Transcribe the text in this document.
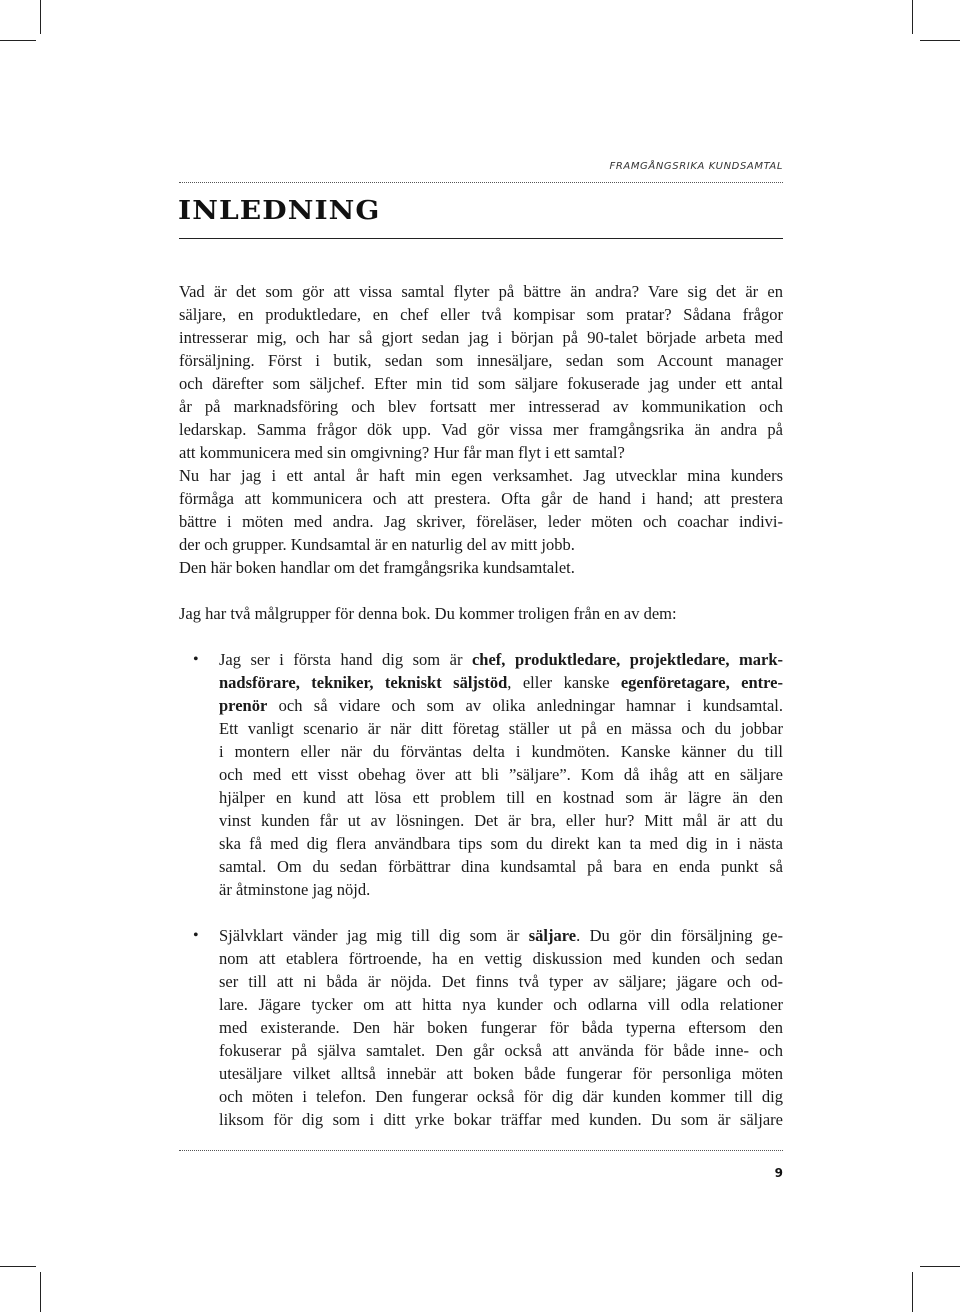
FRAMGÅNGSRIKA KUNDSAMTAL
INLEDNING
Vad är det som gör att vissa samtal flyter på bättre än andra? Vare sig det är en
säljare, en produktledare, en chef eller två kompisar som pratar? Sådana frågor
intresserar mig, och har så gjort sedan jag i början på 90-talet började arbeta med
försäljning. Först i butik, sedan som innesäljare, sedan som Account manager
och därefter som säljchef. Efter min tid som säljare fokuserade jag under ett antal
år på marknadsföring och blev fortsatt mer intresserad av kommunikation och
ledarskap. Samma frågor dök upp. Vad gör vissa mer framgångsrika än andra på
att kommunicera med sin omgivning? Hur får man flyt i ett samtal?
Nu har jag i ett antal år haft min egen verksamhet. Jag utvecklar mina kunders
förmåga att kommunicera och att prestera. Ofta går de hand i hand; att prestera
bättre i möten med andra. Jag skriver, föreläser, leder möten och coachar indivi-
der och grupper. Kundsamtal är en naturlig del av mitt jobb.
Den här boken handlar om det framgångsrika kundsamtalet.
Jag har två målgrupper för denna bok. Du kommer troligen från en av dem:
• Jag ser i första hand dig som är chef, produktledare, projektledare, mark-
nadsförare, tekniker, tekniskt säljstöd, eller kanske egenföretagare, entre-
prenör och så vidare och som av olika anledningar hamnar i kundsamtal.
Ett vanligt scenario är när ditt företag ställer ut på en mässa och du jobbar
i montern eller när du förväntas delta i kundmöten. Kanske känner du till
och med ett visst obehag över att bli ”säljare”. Kom då ihåg att en säljare
hjälper en kund att lösa ett problem till en kostnad som är lägre än den
vinst kunden får ut av lösningen. Det är bra, eller hur? Mitt mål är att du
ska få med dig flera användbara tips som du direkt kan ta med dig in i nästa
samtal. Om du sedan förbättrar dina kundsamtal på bara en enda punkt så
är åtminstone jag nöjd.
• Självklart vänder jag mig till dig som är säljare. Du gör din försäljning ge-
nom att etablera förtroende, ha en vettig diskussion med kunden och sedan
ser till att ni båda är nöjda. Det finns två typer av säljare; jägare och od-
lare. Jägare tycker om att hitta nya kunder och odlarna vill odla relationer
med existerande. Den här boken fungerar för båda typerna eftersom den
fokuserar på själva samtalet. Den går också att använda för både inne- och
utesäljare vilket alltså innebär att boken både fungerar för personliga möten
och möten i telefon. Den fungerar också för dig där kunden kommer till dig
liksom för dig som i ditt yrke bokar träffar med kunden. Du som är säljare
9
